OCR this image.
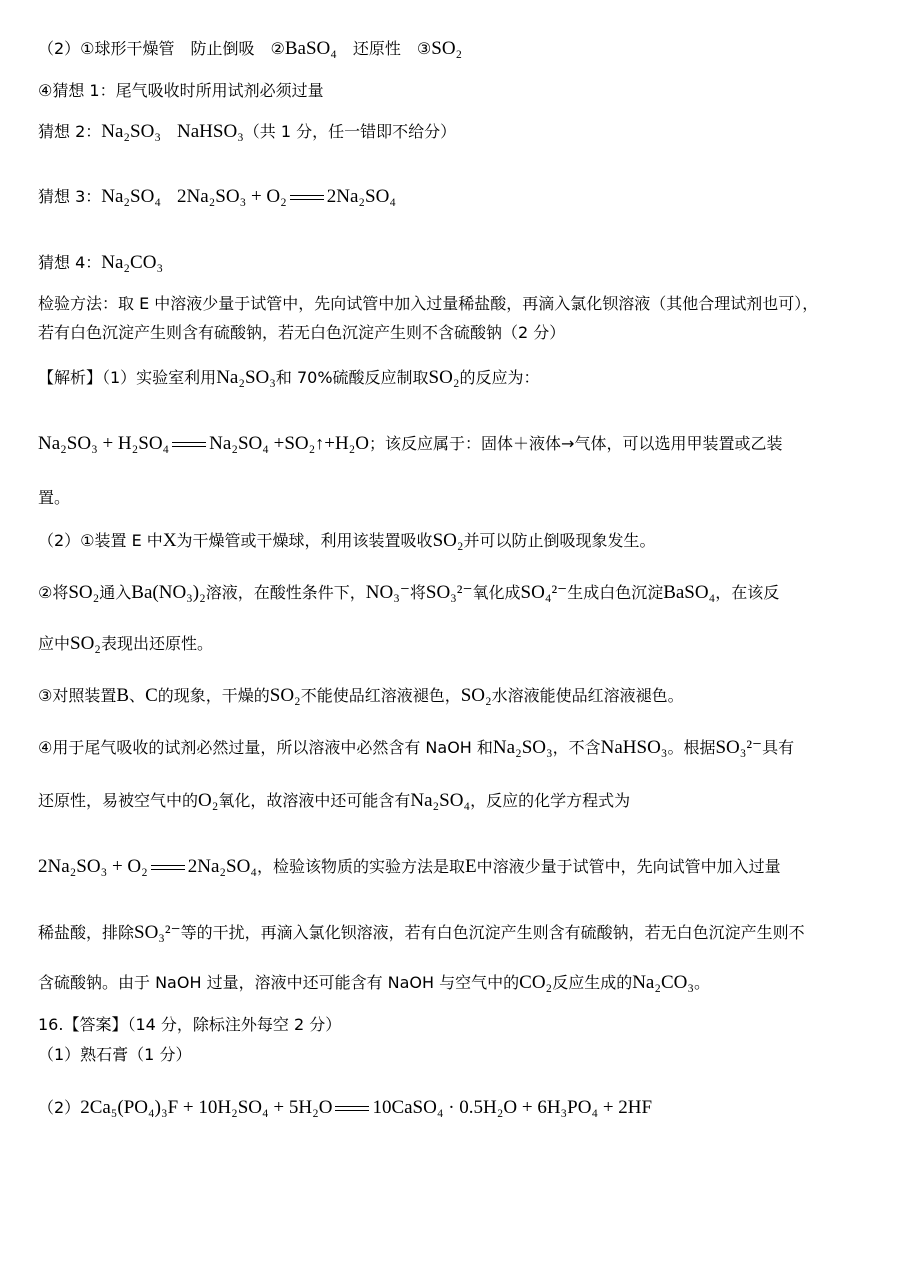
（2）①球形干燥管　防止倒吸　②BaSO₄　还原性　③SO₂
④猜想 1：尾气吸收时所用试剂必须过量
猜想 2：Na₂SO₃　 NaHSO₃（共 1 分，任一错即不给分）
猜想 3：Na₂SO₄　 2Na₂SO₃ + O₂ 2Na₂SO₄
猜想 4：Na₂CO₃
检验方法：取 E 中溶液少量于试管中，先向试管中加入过量稀盐酸，再滴入氯化钡溶液（其他合理试剂也可），
若有白色沉淀产生则含有硫酸钠，若无白色沉淀产生则不含硫酸钠（2 分）
【解析】（1）实验室利用Na₂SO₃和 70%硫酸反应制取SO₂的反应为：
Na₂SO₃ + H₂SO₄ Na₂SO₄ +SO₂↑+H₂O；该反应属于：固体＋液体→气体，可以选用甲装置或乙装
置。
（2）①装置 E 中X为干燥管或干燥球，利用该装置吸收SO₂并可以防止倒吸现象发生。
②将SO₂通入Ba(NO₃)₂溶液，在酸性条件下，NO₃⁻将SO₃²⁻氧化成SO₄²⁻生成白色沉淀BaSO₄，在该反
应中SO₂表现出还原性。
③对照装置B、C的现象，干燥的SO₂不能使品红溶液褪色，SO₂水溶液能使品红溶液褪色。
④用于尾气吸收的试剂必然过量，所以溶液中必然含有 NaOH 和Na₂SO₃，不含NaHSO₃。根据SO₃²⁻具有
还原性，易被空气中的O₂氧化，故溶液中还可能含有Na₂SO₄，反应的化学方程式为
2Na₂SO₃ + O₂ 2Na₂SO₄，检验该物质的实验方法是取E中溶液少量于试管中，先向试管中加入过量
稀盐酸，排除SO₃²⁻等的干扰，再滴入氯化钡溶液，若有白色沉淀产生则含有硫酸钠，若无白色沉淀产生则不
含硫酸钠。由于 NaOH 过量，溶液中还可能含有 NaOH 与空气中的CO₂反应生成的Na₂CO₃。
16.【答案】（14 分，除标注外每空 2 分）
（1）熟石膏（1 分）
（2）2Ca₅(PO₄)₃F + 10H₂SO₄ + 5H₂O 10CaSO₄ · 0.5H₂O + 6H₃PO₄ + 2HF
